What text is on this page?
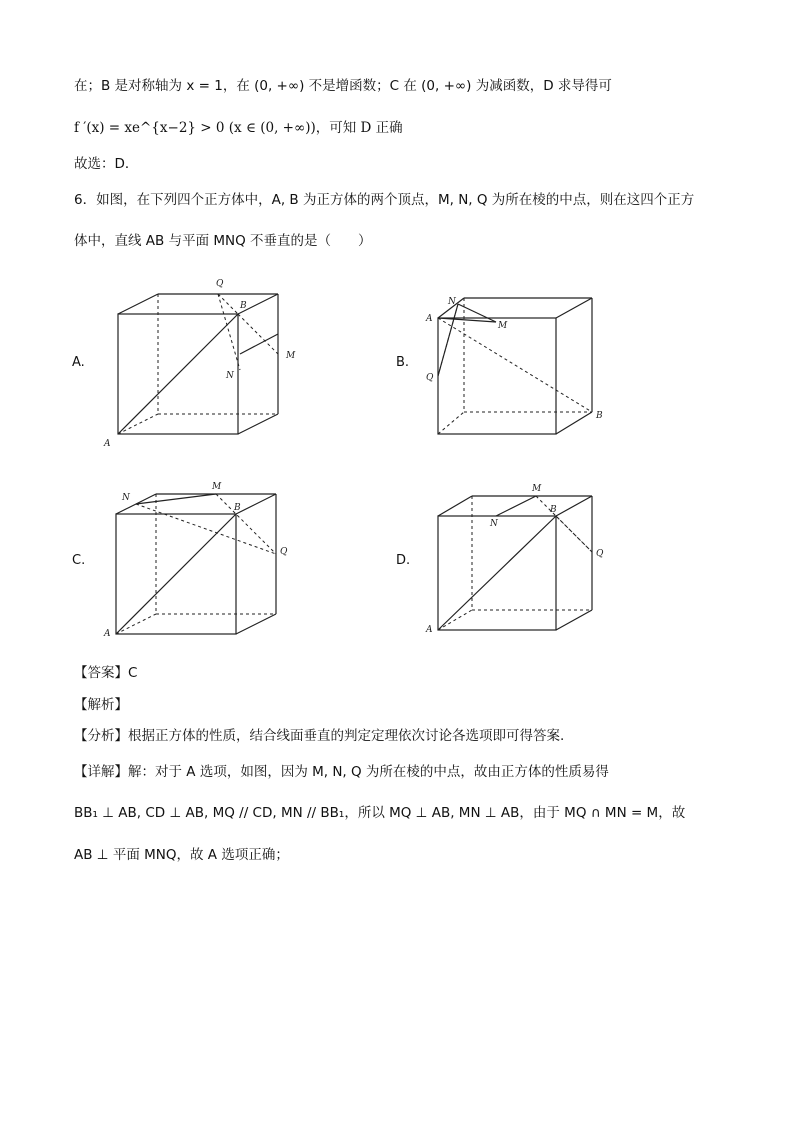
在；B 是对称轴为 x = 1，在 (0, +∞) 不是增函数；C 在 (0, +∞) 为减函数，D 求导得可
f ′(x) = xe^{x−2} > 0 (x ∈ (0, +∞))，可知 D 正确
故选：D．
6．如图，在下列四个正方体中，A, B 为正方体的两个顶点，M, N, Q 为所在棱的中点，则在这四个正方
体中，直线 AB 与平面 MNQ 不垂直的是（　　）
A.	B.
C.	D.
A
B
Q
M
N
A
B
N
M
Q
A
B
N
M
Q
A
B
N
M
Q
【答案】C
【解析】
【分析】根据正方体的性质，结合线面垂直的判定定理依次讨论各选项即可得答案.
【详解】解：对于 A 选项，如图，因为 M, N, Q 为所在棱的中点，故由正方体的性质易得
BB₁ ⊥ AB, CD ⊥ AB, MQ // CD, MN // BB₁，所以 MQ ⊥ AB, MN ⊥ AB，由于 MQ ∩ MN = M，故
AB ⊥ 平面 MNQ，故 A 选项正确；
